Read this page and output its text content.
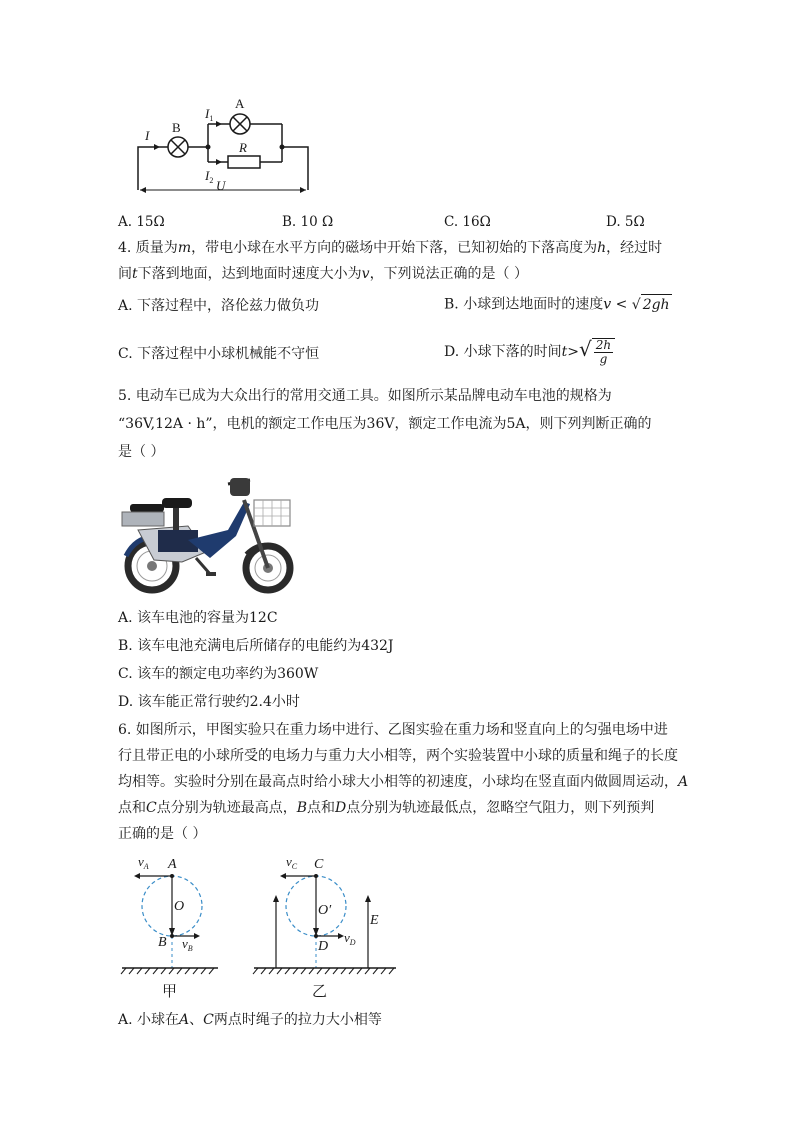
I
B
$I_1$
A
R
$I_2$ U
A. 15Ω	B. 10 Ω	C. 16Ω	D. 5Ω
4. 质量为m，带电小球在水平方向的磁场中开始下落，已知初始的下落高度为h，经过时
间t下落到地面，达到地面时速度大小为v，下列说法正确的是（ ）
A. 下落过程中，洛伦兹力做负功	B. 小球到达地面时的速度v < √ 2gh
C. 下落过程中小球机械能不守恒	D. 小球下落的时间 t > √ $\frac{2h}{g}$
5. 电动车已成为大众出行的常用交通工具。如图所示某品牌电动车电池的规格为
“36V,12A · h”，电机的额定工作电压为36V，额定工作电流为5A，则下列判断正确的
是（ ）
A. 该车电池的容量为12C
B. 该车电池充满电后所储存的电能约为432J
C. 该车的额定电功率约为360W
D. 该车能正常行驶约2.4小时
6. 如图所示，甲图实验只在重力场中进行、乙图实验在重力场和竖直向上的匀强电场中进
行且带正电的小球所受的电场力与重力大小相等，两个实验装置中小球的质量和绳子的长度
均相等。实验时分别在最高点时给小球大小相等的初速度，小球均在竖直面内做圆周运动，A
点和C点分别为轨迹最高点，B点和D点分别为轨迹最低点，忽略空气阻力，则下列预判
正确的是（ ）
$v_A$ A
O
B $v_B$
甲
$v_C$ C
O′
D
$v_D$
E
乙
A. 小球在A、C两点时绳子的拉力大小相等
